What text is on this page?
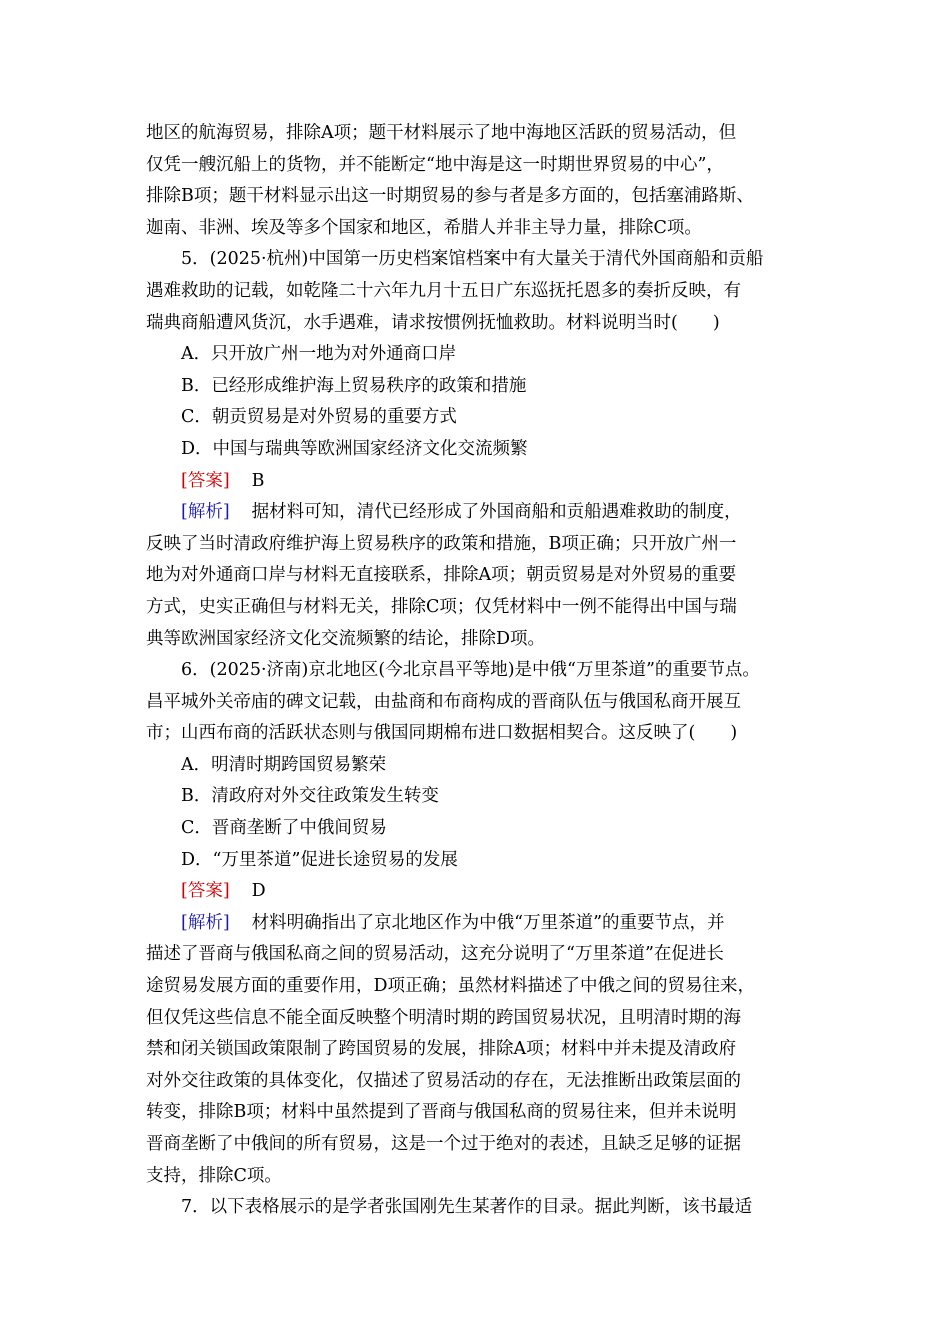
地区的航海贸易，排除A项；题干材料展示了地中海地区活跃的贸易活动，但

仅凭一艘沉船上的货物，并不能断定“地中海是这一时期世界贸易的中心”，

排除B项；题干材料显示出这一时期贸易的参与者是多方面的，包括塞浦路斯、

迦南、非洲、埃及等多个国家和地区，希腊人并非主导力量，排除C项。

5．(2025·杭州)中国第一历史档案馆档案中有大量关于清代外国商船和贡船

遇难救助的记载，如乾隆二十六年九月十五日广东巡抚托恩多的奏折反映，有

瑞典商船遭风货沉，水手遇难，请求按惯例抚恤救助。材料说明当时(　　)

A．只开放广州一地为对外通商口岸

B．已经形成维护海上贸易秩序的政策和措施

C．朝贡贸易是对外贸易的重要方式

D．中国与瑞典等欧洲国家经济文化交流频繁

[答案] B

[解析] 据材料可知，清代已经形成了外国商船和贡船遇难救助的制度，

反映了当时清政府维护海上贸易秩序的政策和措施，B项正确；只开放广州一

地为对外通商口岸与材料无直接联系，排除A项；朝贡贸易是对外贸易的重要

方式，史实正确但与材料无关，排除C项；仅凭材料中一例不能得出中国与瑞

典等欧洲国家经济文化交流频繁的结论，排除D项。

6．(2025·济南)京北地区(今北京昌平等地)是中俄“万里茶道”的重要节点。

昌平城外关帝庙的碑文记载，由盐商和布商构成的晋商队伍与俄国私商开展互

市；山西布商的活跃状态则与俄国同期棉布进口数据相契合。这反映了(　　)

A．明清时期跨国贸易繁荣

B．清政府对外交往政策发生转变

C．晋商垄断了中俄间贸易

D．“万里茶道”促进长途贸易的发展

[答案] D

[解析] 材料明确指出了京北地区作为中俄“万里茶道”的重要节点，并

描述了晋商与俄国私商之间的贸易活动，这充分说明了“万里茶道”在促进长

途贸易发展方面的重要作用，D项正确；虽然材料描述了中俄之间的贸易往来，

但仅凭这些信息不能全面反映整个明清时期的跨国贸易状况，且明清时期的海

禁和闭关锁国政策限制了跨国贸易的发展，排除A项；材料中并未提及清政府

对外交往政策的具体变化，仅描述了贸易活动的存在，无法推断出政策层面的

转变，排除B项；材料中虽然提到了晋商与俄国私商的贸易往来，但并未说明

晋商垄断了中俄间的所有贸易，这是一个过于绝对的表述，且缺乏足够的证据

支持，排除C项。

7．以下表格展示的是学者张国刚先生某著作的目录。据此判断，该书最适
